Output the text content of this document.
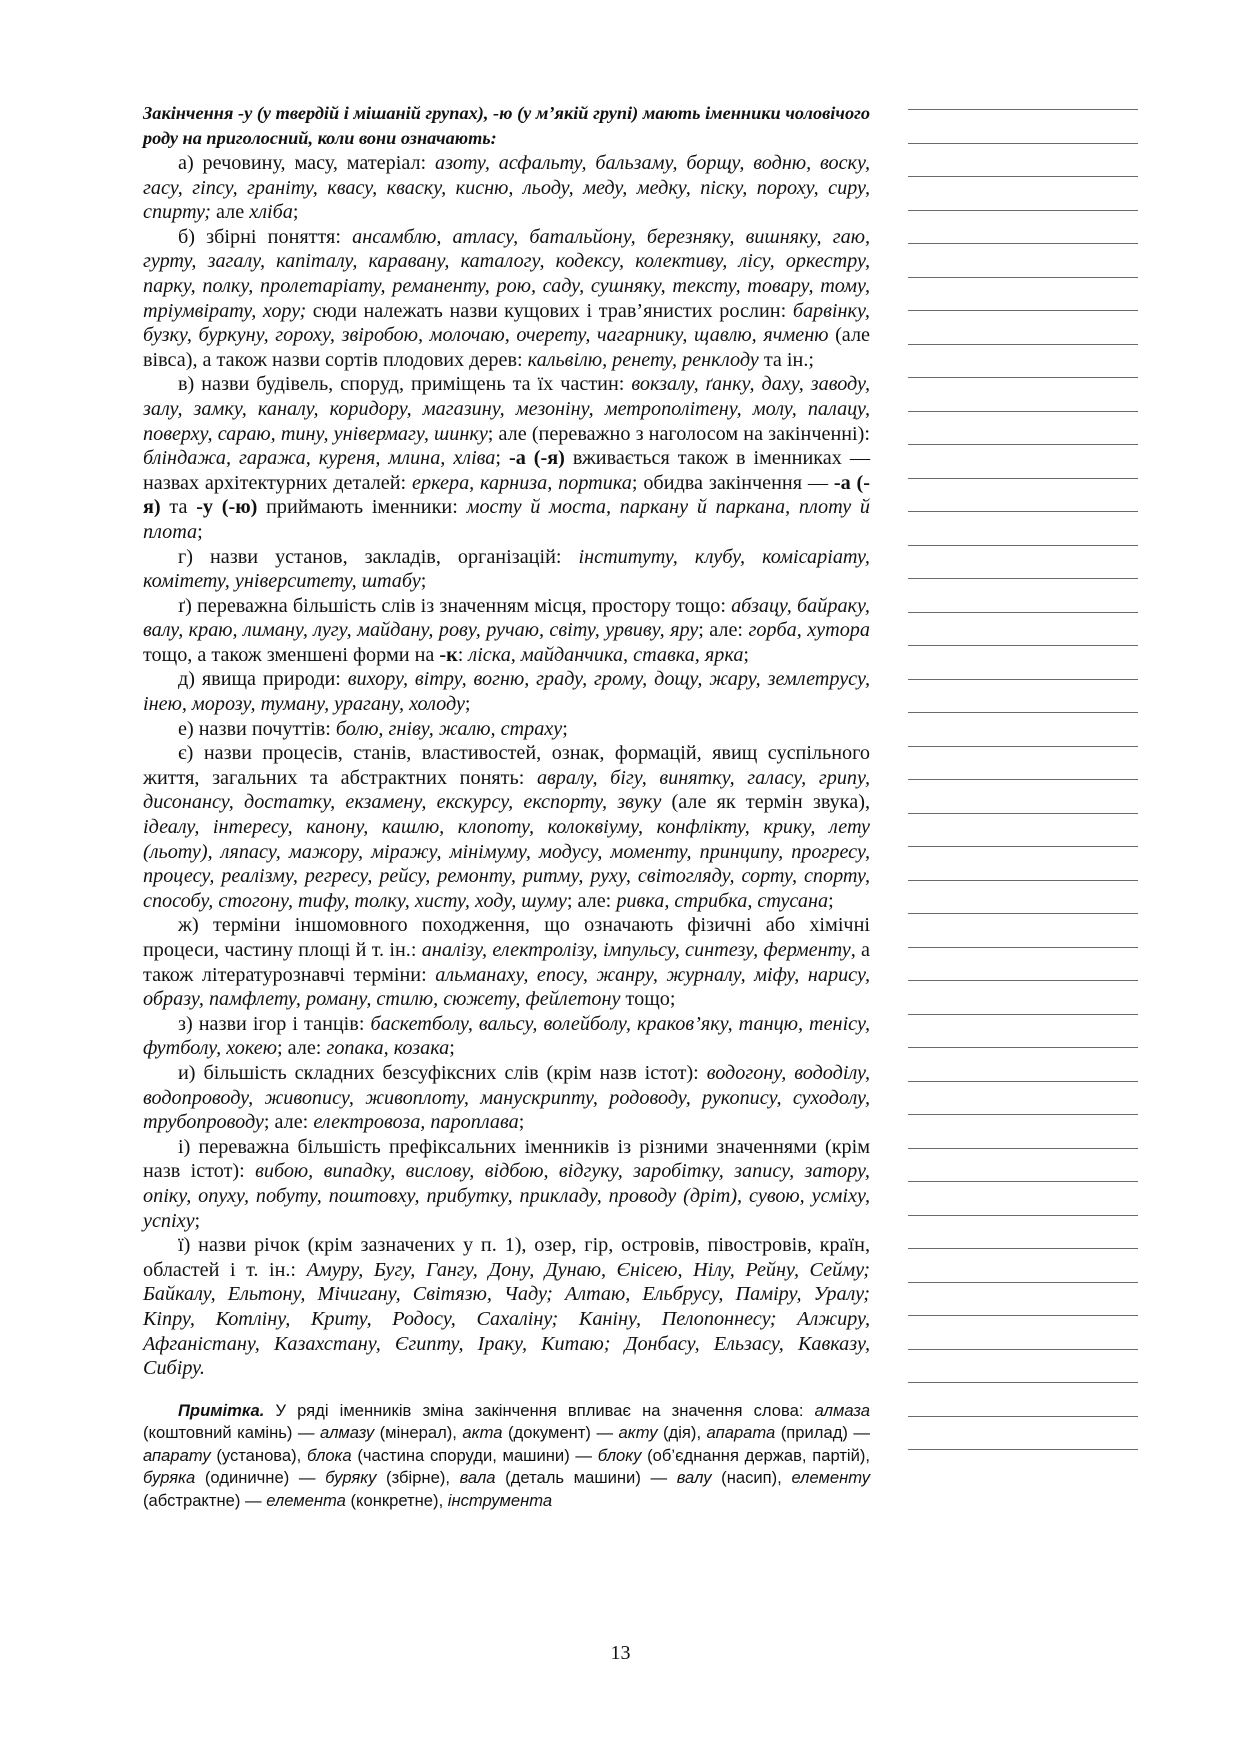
Закінчення -у (у твердій і мішаній групах), -ю (у м’якій групі) мають іменники чоловічого роду на приголосний, коли вони означають:

а) речовину, масу, матеріал: азоту, асфальту, бальзаму, борщу, водню, воску, гасу, гіпсу, граніту, квасу, кваску, кисню, льоду, меду, медку, піску, пороху, сиру, спирту; але хліба;

б) збірні поняття: ансамблю, атласу, батальйону, березняку, вишняку, гаю, гурту, загалу, капіталу, каравану, каталогу, кодексу, колективу, лісу, оркестру, парку, полку, пролетаріату, реманенту, рою, саду, сушняку, тексту, товару, тому, тріумвірату, хору; сюди належать назви кущових і трав’янистих рослин: барвінку, бузку, буркуну, гороху, звіробою, молочаю, очерету, чагарнику, щавлю, ячменю (але вівса), а також назви сортів плодових дерев: кальвілю, ренету, ренклоду та ін.;

в) назви будівель, споруд, приміщень та їх частин: вокзалу, ґанку, даху, заводу, залу, замку, каналу, коридору, магазину, мезоніну, метрополітену, молу, палацу, поверху, сараю, тину, універмагу, шинку; але (переважно з наголосом на закінченні): бліндажа, гаража, куреня, млина, хліва; -а (-я) вживається також в іменниках — назвах архітектурних деталей: еркера, карниза, портика; обидва закінчення — -а (-я) та -у (-ю) приймають іменники: мосту й моста, паркану й паркана, плоту й плота;

г) назви установ, закладів, організацій: інституту, клубу, комісаріату, комітету, університету, штабу;

ґ) переважна більшість слів із значенням місця, простору тощо: абзацу, байраку, валу, краю, лиману, лугу, майдану, рову, ручаю, світу, урвиву, яру; але: горба, хутора тощо, а також зменшені форми на -к: ліска, майданчика, ставка, ярка;

д) явища природи: вихору, вітру, вогню, граду, грому, дощу, жару, землетрусу, інею, морозу, туману, урагану, холоду;

е) назви почуттів: болю, гніву, жалю, страху;

є) назви процесів, станів, властивостей, ознак, формацій, явищ суспільного життя, загальних та абстрактних понять: авралу, бігу, винятку, галасу, грипу, дисонансу, достатку, екзамену, екскурсу, експорту, звуку (але як термін звука), ідеалу, інтересу, канону, кашлю, клопоту, колоквіуму, конфлікту, крику, лету (льоту), ляпасу, мажору, міражу, мінімуму, модусу, моменту, принципу, прогресу, процесу, реалізму, регресу, рейсу, ремонту, ритму, руху, світогляду, сорту, спорту, способу, стогону, тифу, толку, хисту, ходу, шуму; але: ривка, стрибка, стусана;

ж) терміни іншомовного походження, що означають фізичні або хімічні процеси, частину площі й т. ін.: аналізу, електролізу, імпульсу, синтезу, ферменту, а також літературознавчі терміни: альманаху, епосу, жанру, журналу, міфу, нарису, образу, памфлету, роману, стилю, сюжету, фейлетону тощо;

з) назви ігор і танців: баскетболу, вальсу, волейболу, краков’яку, танцю, тенісу, футболу, хокею; але: гопака, козака;

и) більшість складних безсуфіксних слів (крім назв істот): водогону, вододілу, водопроводу, живопису, живоплоту, манускрипту, родоводу, рукопису, суходолу, трубопроводу; але: електровоза, пароплава;

і) переважна більшість префіксальних іменників із різними значеннями (крім назв істот): вибою, випадку, вислову, відбою, відгуку, заробітку, запису, затору, опіку, опуху, побуту, поштовху, прибутку, прикладу, проводу (дріт), сувою, усміху, успіху;

ї) назви річок (крім зазначених у п. 1), озер, гір, островів, півостровів, країн, областей і т. ін.: Амуру, Бугу, Гангу, Дону, Дунаю, Єнісею, Нілу, Рейну, Сейму; Байкалу, Ельтону, Мічигану, Світязю, Чаду; Алтаю, Ельбрусу, Паміру, Уралу; Кіпру, Котліну, Криту, Родосу, Сахаліну; Каніну, Пелопоннесу; Алжиру, Афганістану, Казахстану, Єгипту, Іраку, Китаю; Донбасу, Ельзасу, Кавказу, Сибіру.

Примітка. У ряді іменників зміна закінчення впливає на значення слова: алмаза (коштовний камінь) — алмазу (мінерал), акта (документ) — акту (дія), апарата (прилад) — апарату (установа), блока (частина споруди, машини) — блоку (об’єднання держав, партій), буряка (одиничне) — буряку (збірне), вала (деталь машини) — валу (насип), елементу (абстрактне) — елемента (конкретне), інструмента

13
